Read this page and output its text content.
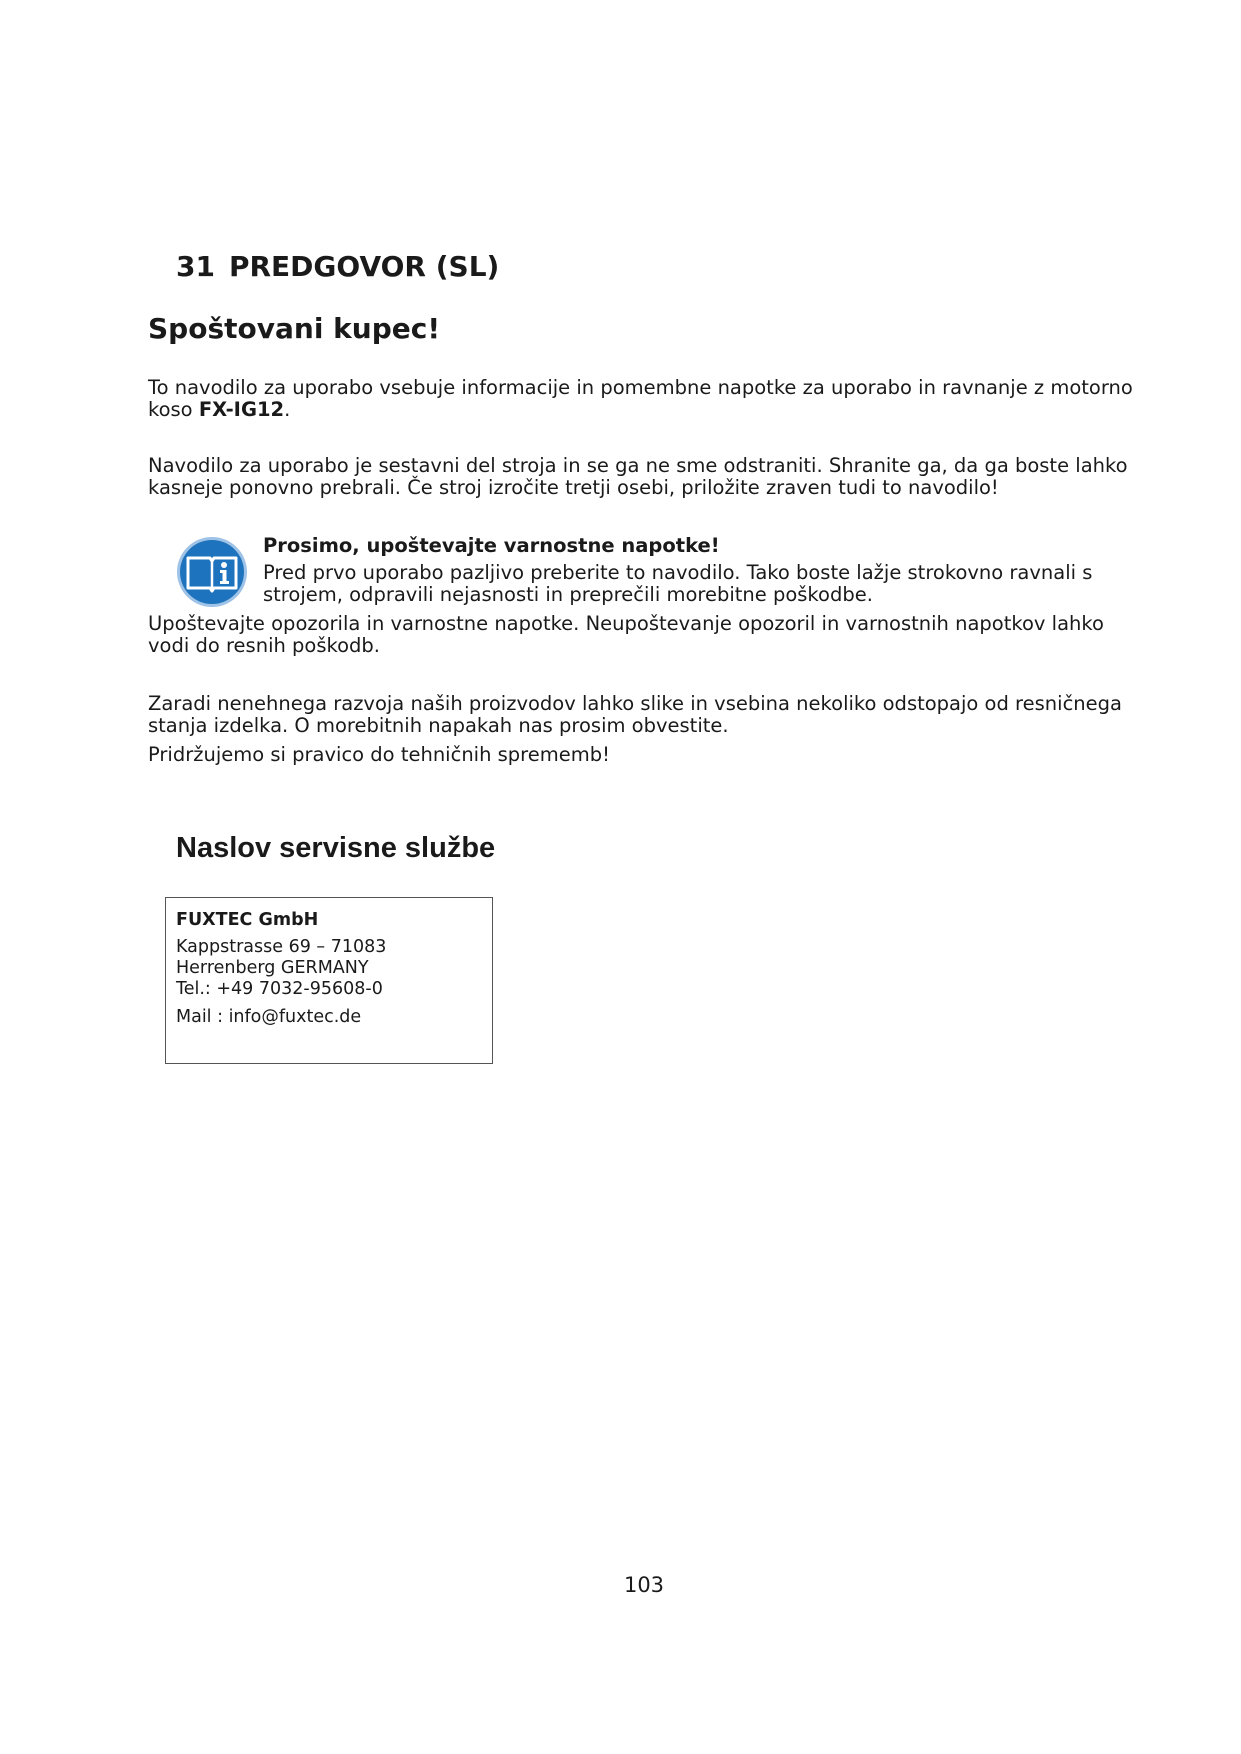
31 PREDGOVOR (SL)
Spoštovani kupec!
To navodilo za uporabo vsebuje informacije in pomembne napotke za uporabo in ravnanje z motorno koso FX-IG12.
Navodilo za uporabo je sestavni del stroja in se ga ne sme odstraniti. Shranite ga, da ga boste lahko kasneje ponovno prebrali. Če stroj izročite tretji osebi, priložite zraven tudi to navodilo!
Prosimo, upoštevajte varnostne napotke!
Pred prvo uporabo pazljivo preberite to navodilo. Tako boste lažje strokovno ravnali s strojem, odpravili nejasnosti in preprečili morebitne poškodbe.
Upoštevajte opozorila in varnostne napotke. Neupoštevanje opozoril in varnostnih napotkov lahko vodi do resnih poškodb.
Zaradi nenehnega razvoja naših proizvodov lahko slike in vsebina nekoliko odstopajo od resničnega stanja izdelka. O morebitnih napakah nas prosim obvestite.
Pridržujemo si pravico do tehničnih sprememb!
Naslov servisne službe
FUXTEC GmbH
Kappstrasse 69 – 71083
Herrenberg GERMANY
Tel.: +49 7032-95608-0
Mail : info@fuxtec.de
103
